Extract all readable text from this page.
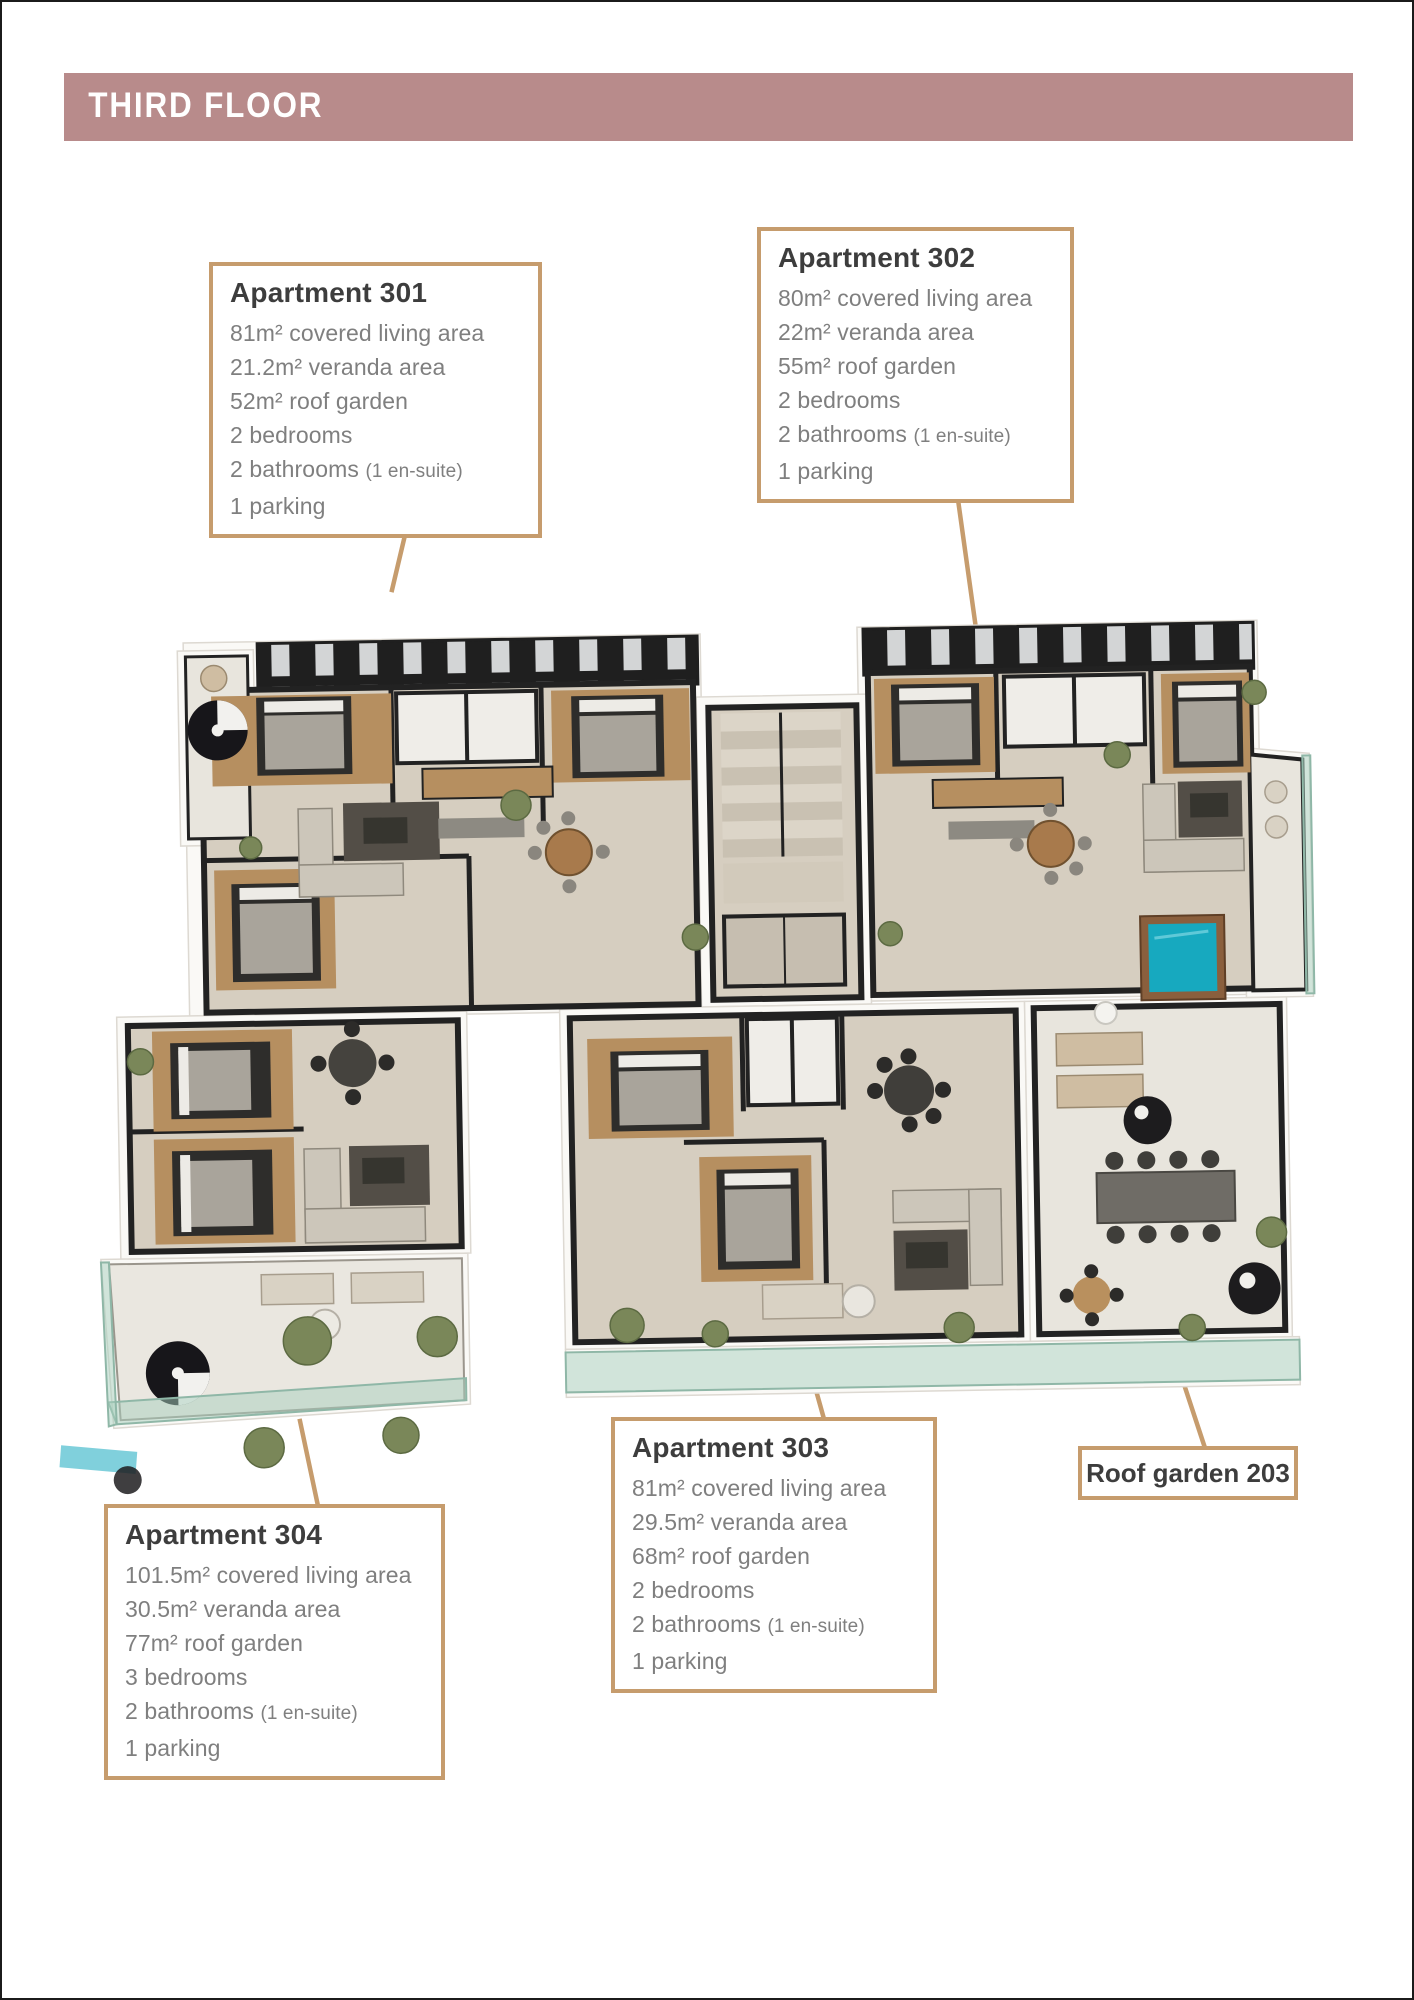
THIRD FLOOR
Apartment 301
81m² covered living area
21.2m² veranda area
52m² roof garden
2 bedrooms
2 bathrooms (1 en-suite)
1 parking
Apartment 302
80m² covered living area
22m² veranda area
55m² roof garden
2 bedrooms
2 bathrooms (1 en-suite)
1 parking
Apartment 303
81m² covered living area
29.5m² veranda area
68m² roof garden
2 bedrooms
2 bathrooms (1 en-suite)
1 parking
Apartment 304
101.5m² covered living area
30.5m² veranda area
77m² roof garden
3 bedrooms
2 bathrooms (1 en-suite)
1 parking
Roof garden 203
